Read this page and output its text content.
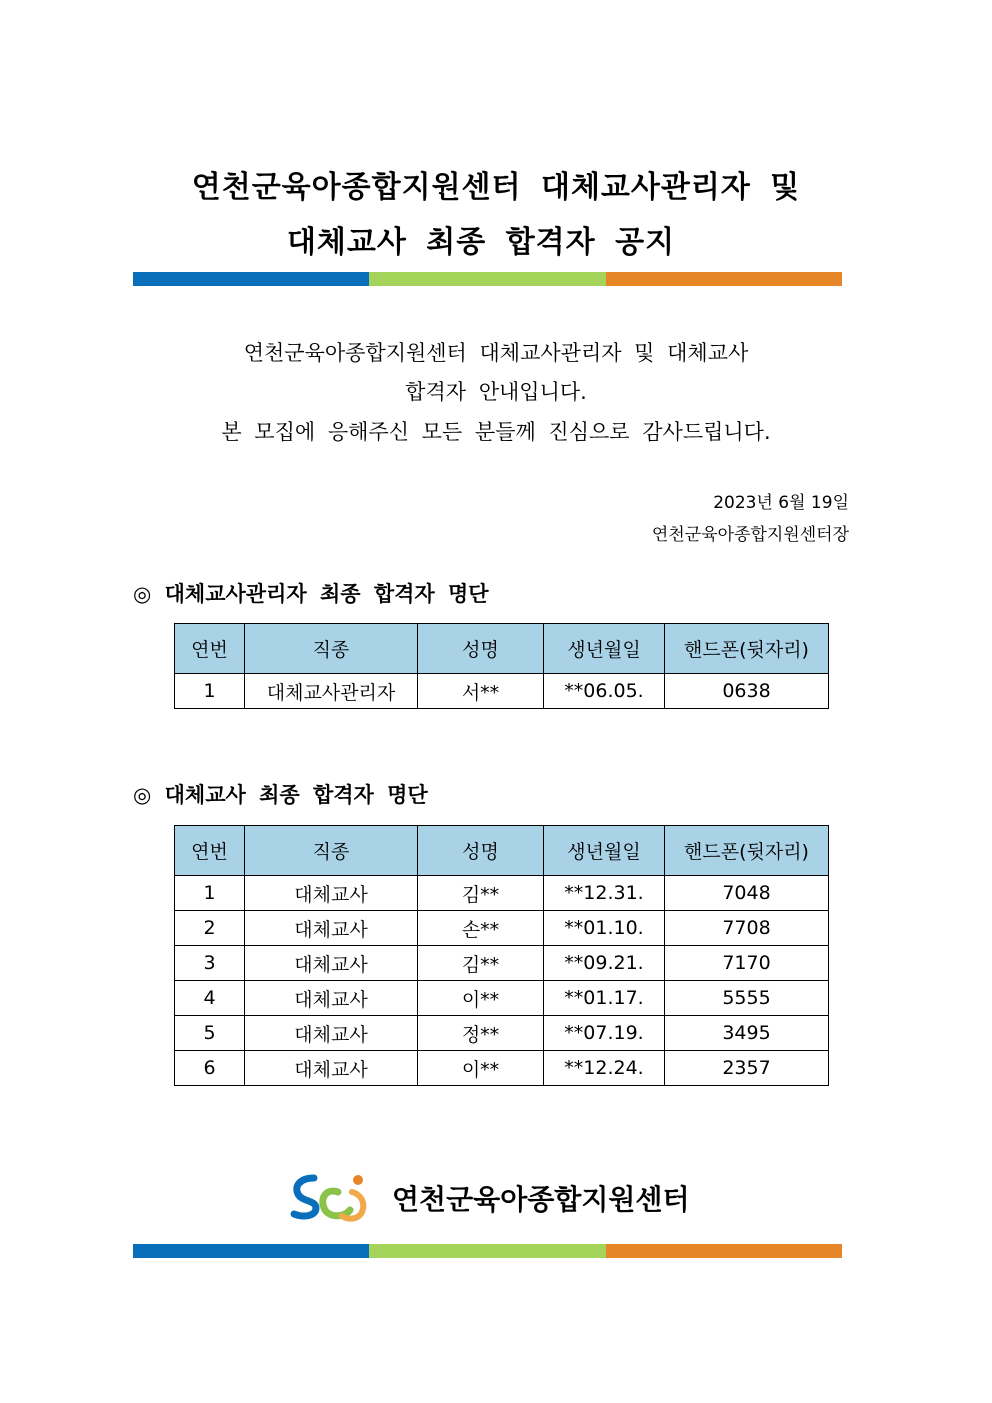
연천군육아종합지원센터 대체교사관리자 및
대체교사 최종 합격자 공지
연천군육아종합지원센터 대체교사관리자 및 대체교사
합격자 안내입니다.
본 모집에 응해주신 모든 분들께 진심으로 감사드립니다.
2023년 6월 19일
연천군육아종합지원센터장
◎ 대체교사관리자 최종 합격자 명단
연번	직종	성명	생년월일	핸드폰(뒷자리)
1	대체교사관리자	서**	**06.05.	0638
◎ 대체교사 최종 합격자 명단
연번	직종	성명	생년월일	핸드폰(뒷자리)
1	대체교사	김**	**12.31.	7048
2	대체교사	손**	**01.10.	7708
3	대체교사	김**	**09.21.	7170
4	대체교사	이**	**01.17.	5555
5	대체교사	정**	**07.19.	3495
6	대체교사	이**	**12.24.	2357
연천군육아종합지원센터
